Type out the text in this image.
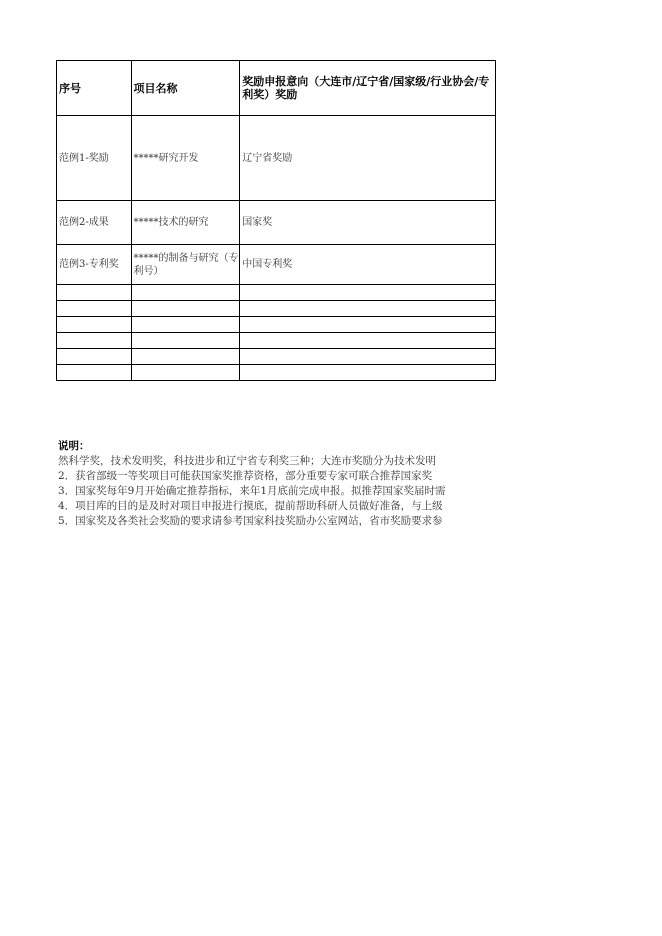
序号	项目名称	奖励申报意向（大连市/辽宁省/国家级/行业协会/专利奖）奖励
范例1-奖励	*****研究开发	辽宁省奖励
范例2-成果	*****技术的研究	国家奖
范例3-专利奖	*****的制备与研究（专利号）	中国专利奖

说明：
然科学奖，技术发明奖，科技进步和辽宁省专利奖三种；大连市奖励分为技术发明
2．获省部级一等奖项目可能获国家奖推荐资格，部分重要专家可联合推荐国家奖
3．国家奖每年9月开始确定推荐指标，来年1月底前完成申报。拟推荐国家奖届时需
4．项目库的目的是及时对项目申报进行摸底，提前帮助科研人员做好准备，与上级
5．国家奖及各类社会奖励的要求请参考国家科技奖励办公室网站，省市奖励要求参
